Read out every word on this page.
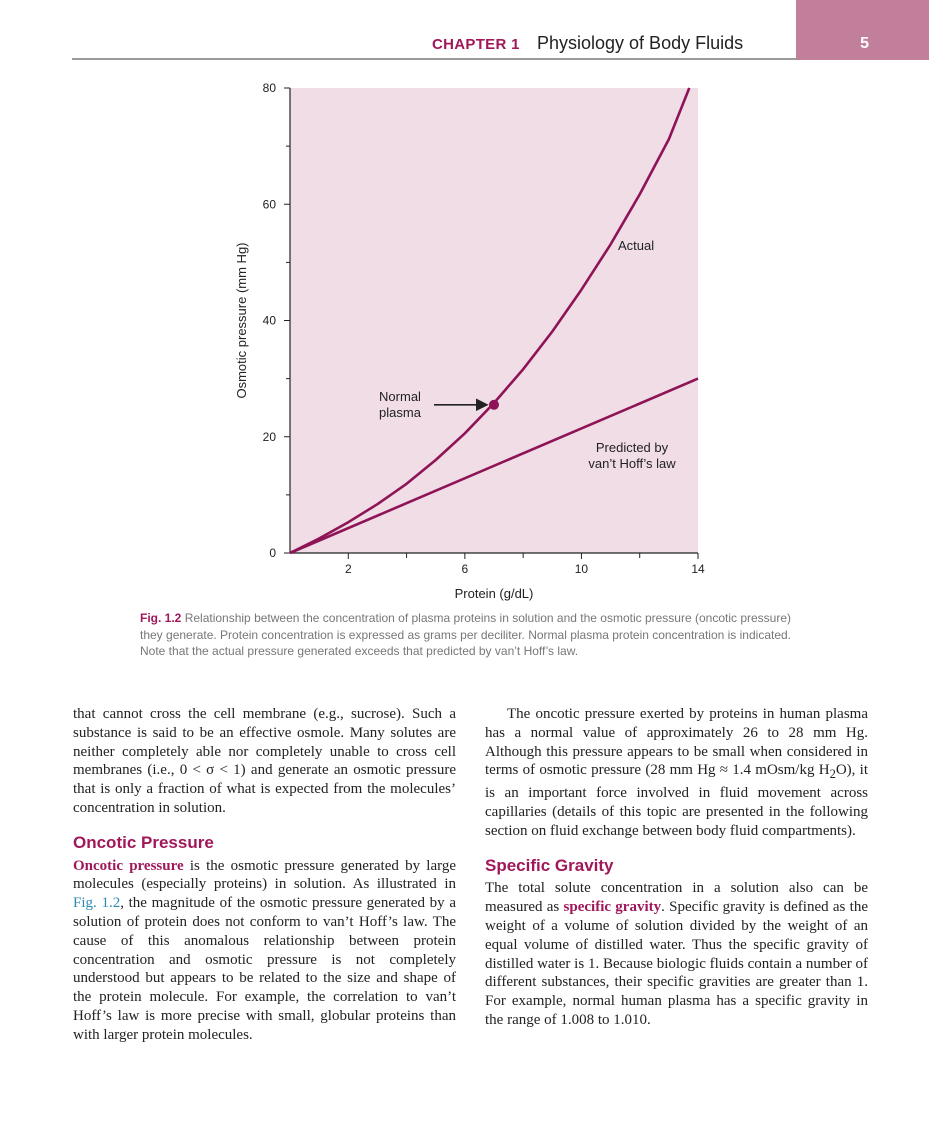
CHAPTER 1 Physiology of Body Fluids	5
0
20
40
60
80
2	6	10	14
Protein (g/dL)
Osmotic pressure (mm Hg)	Normal
plasma
Actual
Predicted by
van’t Hoff’s law
Fig. 1.2 Relationship between the concentration of plasma proteins in solution and the osmotic pressure (oncotic pressure) they generate. Protein concentration is expressed as grams per deciliter. Normal plasma protein concentration is indicated. Note that the actual pressure generated exceeds that predicted by van’t Hoff’s law.

that cannot cross the cell membrane (e.g., sucrose). Such a substance is said to be an effective osmole. Many solutes are neither completely able nor completely unable to cross cell membranes (i.e., 0 < σ < 1) and generate an osmotic pressure that is only a fraction of what is expected from the molecules’ concentration in solution.

Oncotic Pressure

Oncotic pressure is the osmotic pressure generated by large molecules (especially proteins) in solution. As illustrated in Fig. 1.2, the magnitude of the osmotic pressure generated by a solution of protein does not conform to van’t Hoff’s law. The cause of this anomalous relationship between protein concentration and osmotic pressure is not completely understood but appears to be related to the size and shape of the protein molecule. For example, the correlation to van’t Hoff’s law is more precise with small, globular proteins than with larger protein molecules.

The oncotic pressure exerted by proteins in human plasma has a normal value of approximately 26 to 28 mm Hg. Although this pressure appears to be small when considered in terms of osmotic pressure (28 mm Hg ≈ 1.4 mOsm/kg $H_2O$), it is an important force involved in fluid movement across capillaries (details of this topic are presented in the following section on fluid exchange between body fluid compartments).

Specific Gravity

The total solute concentration in a solution also can be measured as specific gravity. Specific gravity is defined as the weight of a volume of solution divided by the weight of an equal volume of distilled water. Thus the specific gravity of distilled water is 1. Because biologic fluids contain a number of different substances, their specific gravities are greater than 1. For example, normal human plasma has a specific gravity in the range of 1.008 to 1.010.
